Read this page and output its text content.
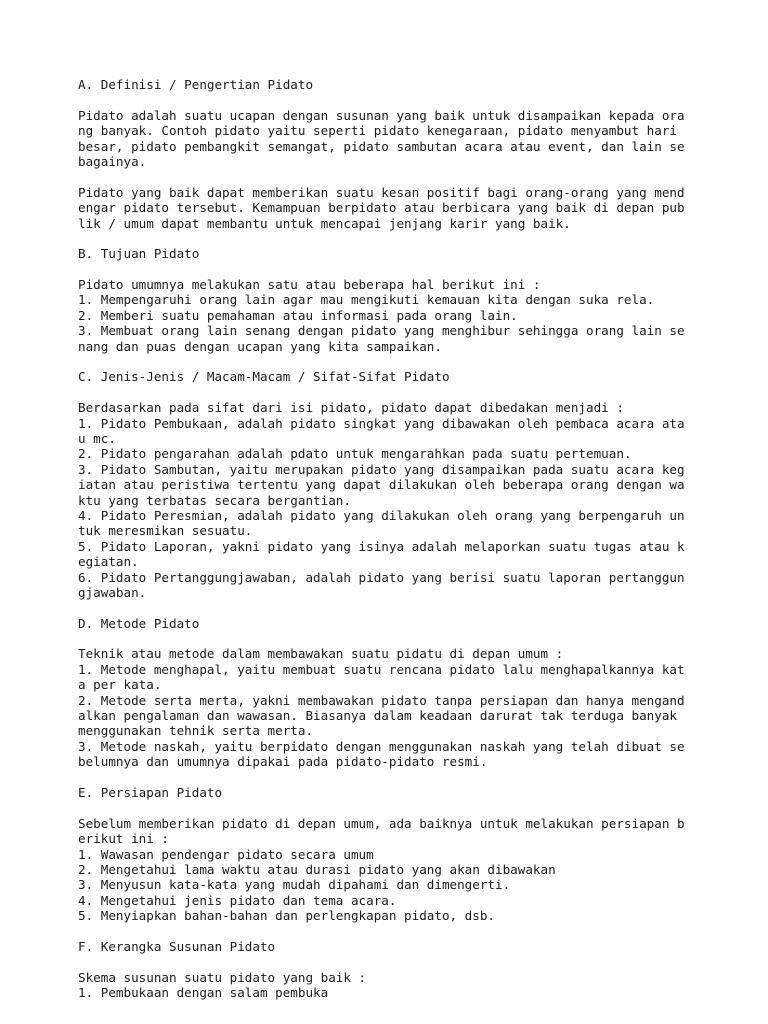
A. Definisi / Pengertian Pidato
Pidato adalah suatu ucapan dengan susunan yang baik untuk disampaikan kepada ora
ng banyak. Contoh pidato yaitu seperti pidato kenegaraan, pidato menyambut hari
besar, pidato pembangkit semangat, pidato sambutan acara atau event, dan lain se
bagainya.
Pidato yang baik dapat memberikan suatu kesan positif bagi orang-orang yang mend
engar pidato tersebut. Kemampuan berpidato atau berbicara yang baik di depan pub
lik / umum dapat membantu untuk mencapai jenjang karir yang baik.
B. Tujuan Pidato
Pidato umumnya melakukan satu atau beberapa hal berikut ini :
1. Mempengaruhi orang lain agar mau mengikuti kemauan kita dengan suka rela.
2. Memberi suatu pemahaman atau informasi pada orang lain.
3. Membuat orang lain senang dengan pidato yang menghibur sehingga orang lain se
nang dan puas dengan ucapan yang kita sampaikan.
C. Jenis-Jenis / Macam-Macam / Sifat-Sifat Pidato
Berdasarkan pada sifat dari isi pidato, pidato dapat dibedakan menjadi :
1. Pidato Pembukaan, adalah pidato singkat yang dibawakan oleh pembaca acara ata
u mc.
2. Pidato pengarahan adalah pdato untuk mengarahkan pada suatu pertemuan.
3. Pidato Sambutan, yaitu merupakan pidato yang disampaikan pada suatu acara keg
iatan atau peristiwa tertentu yang dapat dilakukan oleh beberapa orang dengan wa
ktu yang terbatas secara bergantian.
4. Pidato Peresmian, adalah pidato yang dilakukan oleh orang yang berpengaruh un
tuk meresmikan sesuatu.
5. Pidato Laporan, yakni pidato yang isinya adalah melaporkan suatu tugas atau k
egiatan.
6. Pidato Pertanggungjawaban, adalah pidato yang berisi suatu laporan pertanggun
gjawaban.
D. Metode Pidato
Teknik atau metode dalam membawakan suatu pidatu di depan umum :
1. Metode menghapal, yaitu membuat suatu rencana pidato lalu menghapalkannya kat
a per kata.
2. Metode serta merta, yakni membawakan pidato tanpa persiapan dan hanya mengand
alkan pengalaman dan wawasan. Biasanya dalam keadaan darurat tak terduga banyak
menggunakan tehnik serta merta.
3. Metode naskah, yaitu berpidato dengan menggunakan naskah yang telah dibuat se
belumnya dan umumnya dipakai pada pidato-pidato resmi.
E. Persiapan Pidato
Sebelum memberikan pidato di depan umum, ada baiknya untuk melakukan persiapan b
erikut ini :
1. Wawasan pendengar pidato secara umum
2. Mengetahui lama waktu atau durasi pidato yang akan dibawakan
3. Menyusun kata-kata yang mudah dipahami dan dimengerti.
4. Mengetahui jenis pidato dan tema acara.
5. Menyiapkan bahan-bahan dan perlengkapan pidato, dsb.
F. Kerangka Susunan Pidato
Skema susunan suatu pidato yang baik :
1. Pembukaan dengan salam pembuka
